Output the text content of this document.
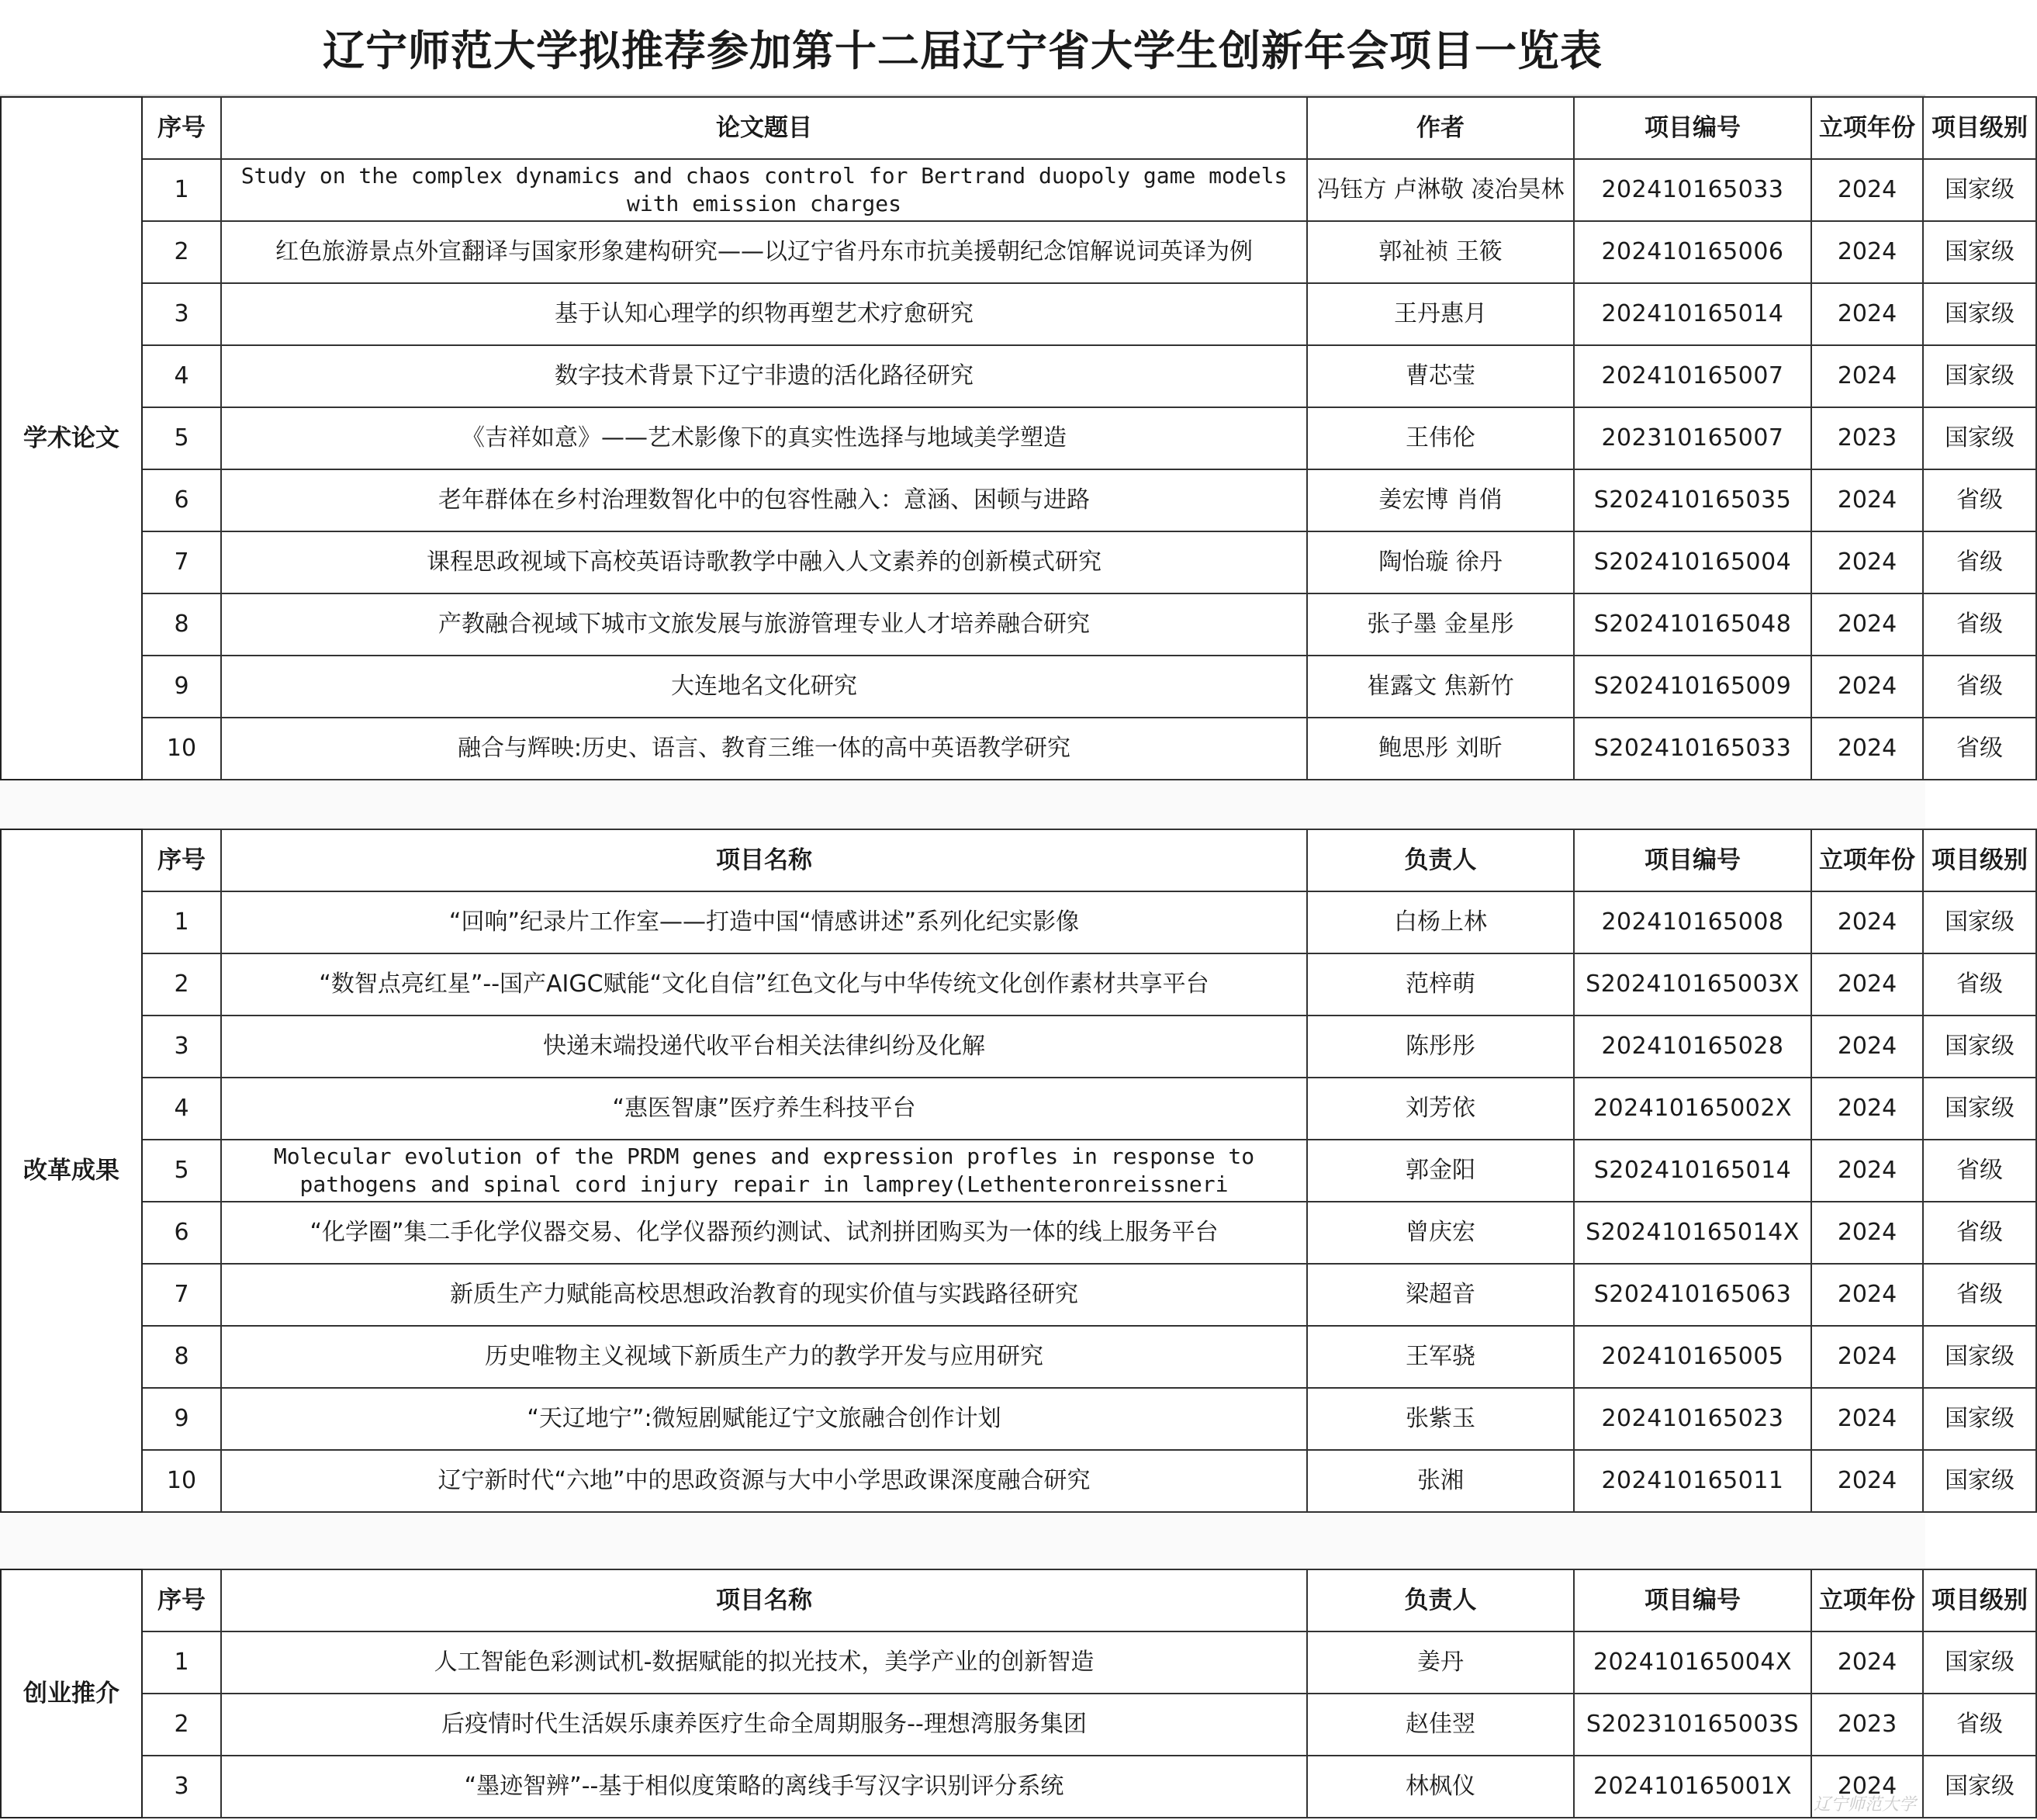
辽宁师范大学拟推荐参加第十二届辽宁省大学生创新年会项目一览表
学术论文	序号	论文题目	作者	项目编号	立项年份	项目级别
	1	Study on the complex dynamics and chaos control for Bertrand duopoly game models with emission charges	冯钰方 卢淋敬 凌冶昊林	202410165033	2024	国家级
	2	红色旅游景点外宣翻译与国家形象建构研究——以辽宁省丹东市抗美援朝纪念馆解说词英译为例	郭祉祯 王筱	202410165006	2024	国家级
	3	基于认知心理学的织物再塑艺术疗愈研究	王丹惠月	202410165014	2024	国家级
	4	数字技术背景下辽宁非遗的活化路径研究	曹芯莹	202410165007	2024	国家级
	5	《吉祥如意》——艺术影像下的真实性选择与地域美学塑造	王伟伦	202310165007	2023	国家级
	6	老年群体在乡村治理数智化中的包容性融入：意涵、困顿与进路	姜宏博 肖俏	S202410165035	2024	省级
	7	课程思政视域下高校英语诗歌教学中融入人文素养的创新模式研究	陶怡璇 徐丹	S202410165004	2024	省级
	8	产教融合视域下城市文旅发展与旅游管理专业人才培养融合研究	张子墨 金星彤	S202410165048	2024	省级
	9	大连地名文化研究	崔露文 焦新竹	S202410165009	2024	省级
	10	融合与辉映:历史、语言、教育三维一体的高中英语教学研究	鲍思彤 刘昕	S202410165033	2024	省级
改革成果	序号	项目名称	负责人	项目编号	立项年份	项目级别
	1	“回响”纪录片工作室——打造中国“情感讲述”系列化纪实影像	白杨上林	202410165008	2024	国家级
	2	“数智点亮红星”--国产AIGC赋能“文化自信”红色文化与中华传统文化创作素材共享平台	范梓萌	S202410165003X	2024	省级
	3	快递末端投递代收平台相关法律纠纷及化解	陈彤彤	202410165028	2024	国家级
	4	“惠医智康”医疗养生科技平台	刘芳依	202410165002X	2024	国家级
	5	Molecular evolution of the PRDM genes and expression profles in response to pathogens and spinal cord injury repair in lamprey(Lethenteronreissneri	郭金阳	S202410165014	2024	省级
	6	“化学圈”集二手化学仪器交易、化学仪器预约测试、试剂拼团购买为一体的线上服务平台	曾庆宏	S202410165014X	2024	省级
	7	新质生产力赋能高校思想政治教育的现实价值与实践路径研究	梁超音	S202410165063	2024	省级
	8	历史唯物主义视域下新质生产力的教学开发与应用研究	王军骁	202410165005	2024	国家级
	9	“天辽地宁”:微短剧赋能辽宁文旅融合创作计划	张紫玉	202410165023	2024	国家级
	10	辽宁新时代“六地”中的思政资源与大中小学思政课深度融合研究	张湘	202410165011	2024	国家级
创业推介	序号	项目名称	负责人	项目编号	立项年份	项目级别
	1	人工智能色彩测试机-数据赋能的拟光技术，美学产业的创新智造	姜丹	202410165004X	2024	国家级
	2	后疫情时代生活娱乐康养医疗生命全周期服务--理想湾服务集团	赵佳翌	S202310165003S	2023	省级
	3	“墨迹智辨”--基于相似度策略的离线手写汉字识别评分系统	林枫仪	202410165001X	2024	国家级
辽宁师范大学
